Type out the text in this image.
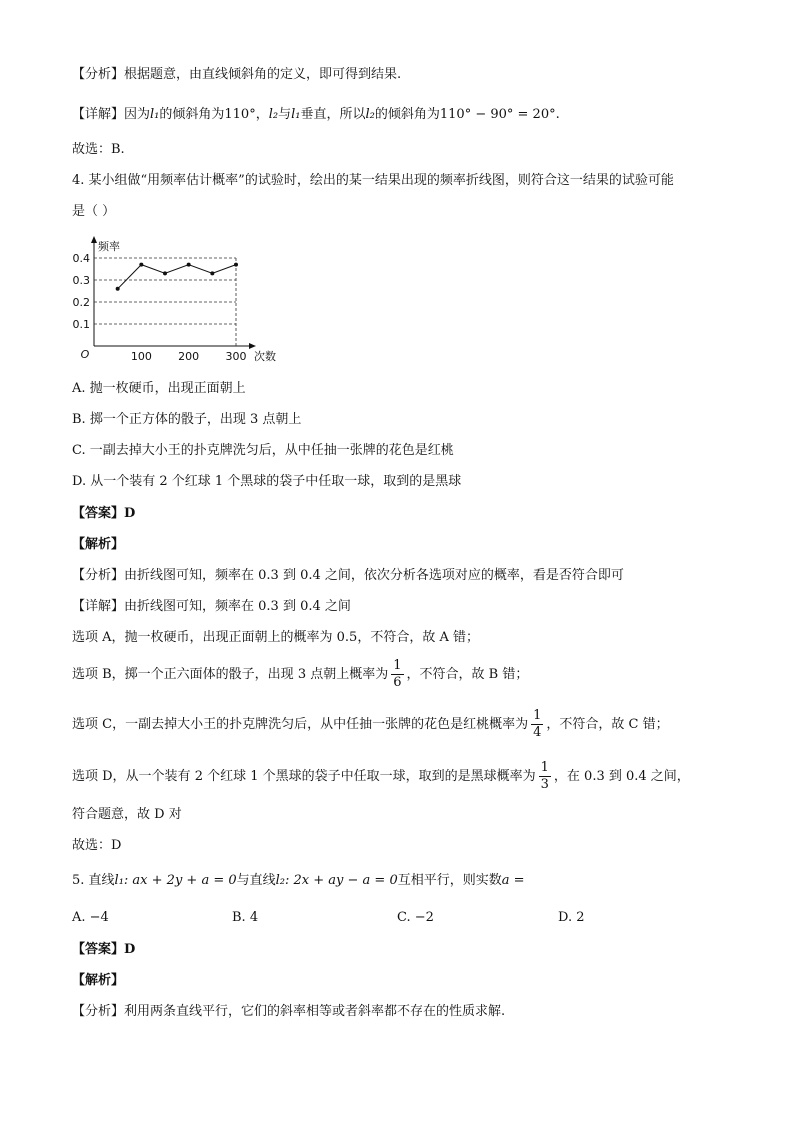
【分析】根据题意，由直线倾斜角的定义，即可得到结果.
【详解】因为l₁的倾斜角为110°，l₂与l₁垂直，所以l₂的倾斜角为110° − 90° = 20°.
故选：B.
4. 某小组做“用频率估计概率”的试验时，绘出的某一结果出现的频率折线图，则符合这一结果的试验可能
是（ ）
0.1
0.2
0.3
0.4
100 200 300
O
频率
次数
A. 抛一枚硬币，出现正面朝上
B. 掷一个正方体的骰子，出现 3 点朝上
C. 一副去掉大小王的扑克牌洗匀后，从中任抽一张牌的花色是红桃
D. 从一个装有 2 个红球 1 个黑球的袋子中任取一球，取到的是黑球
【答案】D
【解析】
【分析】由折线图可知，频率在 0.3 到 0.4 之间，依次分析各选项对应的概率，看是否符合即可
【详解】由折线图可知，频率在 0.3 到 0.4 之间
选项 A，抛一枚硬币，出现正面朝上的概率为 0.5，不符合，故 A 错；
选项 B，掷一个正六面体的骰子，出现 3 点朝上概率为 $\frac{1}{6}$ ，不符合，故 B 错；
选项 C，一副去掉大小王的扑克牌洗匀后，从中任抽一张牌的花色是红桃概率为 $\frac{1}{4}$ ，不符合，故 C 错；
选项 D，从一个装有 2 个红球 1 个黑球的袋子中任取一球，取到的是黑球概率为 $\frac{1}{3}$ ，在 0.3 到 0.4 之间，
符合题意，故 D 对
故选：D
5. 直线l₁: ax + 2y + a = 0与直线l₂: 2x + ay − a = 0互相平行，则实数a =
A. −4	B. 4	C. −2	D. 2
【答案】D
【解析】
【分析】利用两条直线平行，它们的斜率相等或者斜率都不存在的性质求解.
